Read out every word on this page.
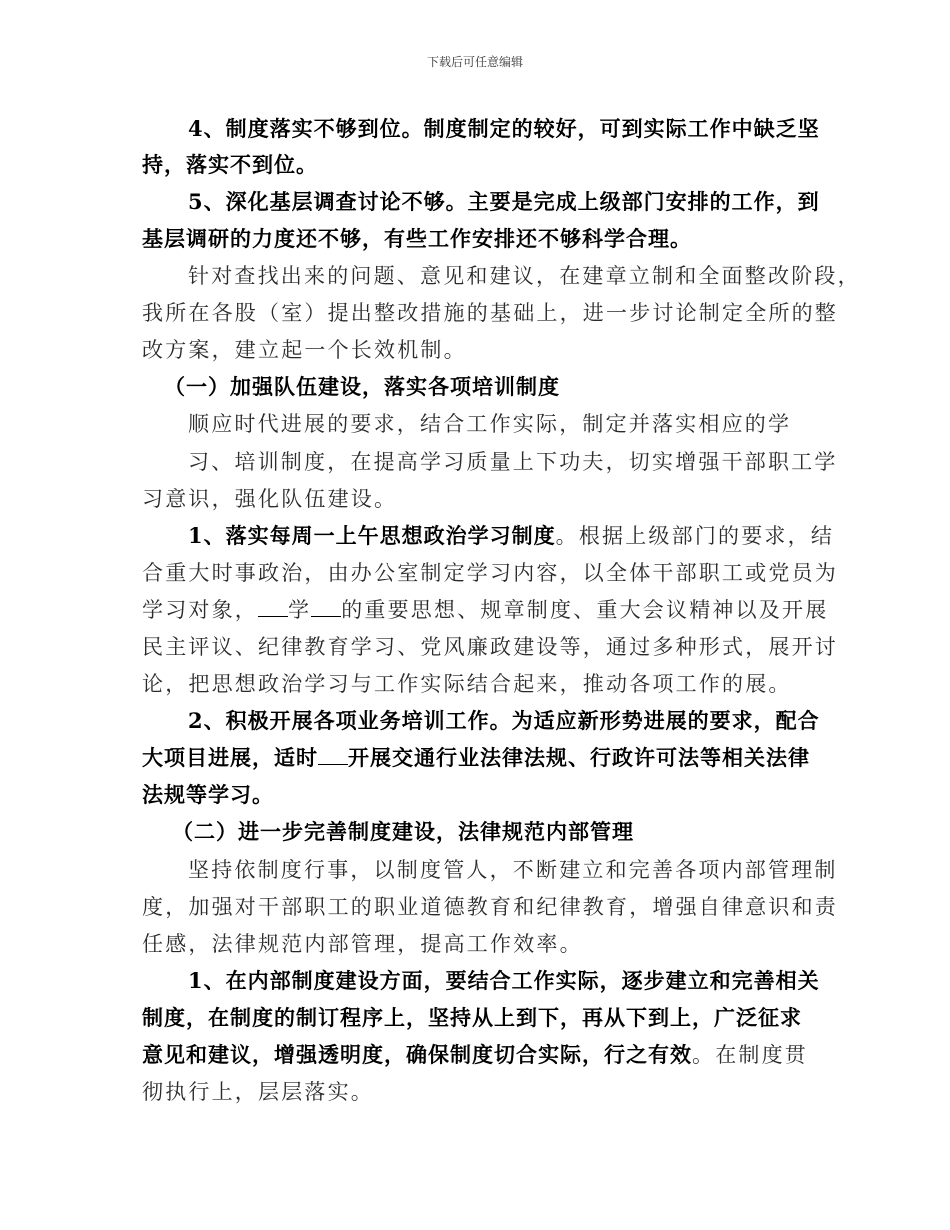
下载后可任意编辑
4、制度落实不够到位。制度制定的较好，可到实际工作中缺乏坚
持，落实不到位。
5、深化基层调查讨论不够。主要是完成上级部门安排的工作，到
基层调研的力度还不够，有些工作安排还不够科学合理。
针对查找出来的问题、意见和建议，在建章立制和全面整改阶段，
我所在各股（室）提出整改措施的基础上，进一步讨论制定全所的整
改方案，建立起一个长效机制。
（一）加强队伍建设，落实各项培训制度
顺应时代进展的要求，结合工作实际，制定并落实相应的学
习、培训制度，在提高学习质量上下功夫，切实增强干部职工学
习意识，强化队伍建设。
1、落实每周一上午思想政治学习制度。根据上级部门的要求，结
合重大时事政治，由办公室制定学习内容，以全体干部职工或党员为
学习对象， 学 的重要思想、规章制度、重大会议精神以及开展
民主评议、纪律教育学习、党风廉政建设等，通过多种形式，展开讨
论，把思想政治学习与工作实际结合起来，推动各项工作的展。
2、积极开展各项业务培训工作。为适应新形势进展的要求，配合
大项目进展，适时 开展交通行业法律法规、行政许可法等相关法律
法规等学习。
（二）进一步完善制度建设，法律规范内部管理
坚持依制度行事，以制度管人，不断建立和完善各项内部管理制
度，加强对干部职工的职业道德教育和纪律教育，增强自律意识和责
任感，法律规范内部管理，提高工作效率。
1、在内部制度建设方面，要结合工作实际，逐步建立和完善相关
制度，在制度的制订程序上，坚持从上到下，再从下到上，广泛征求
意见和建议，增强透明度，确保制度切合实际，行之有效。在制度贯
彻执行上，层层落实。
